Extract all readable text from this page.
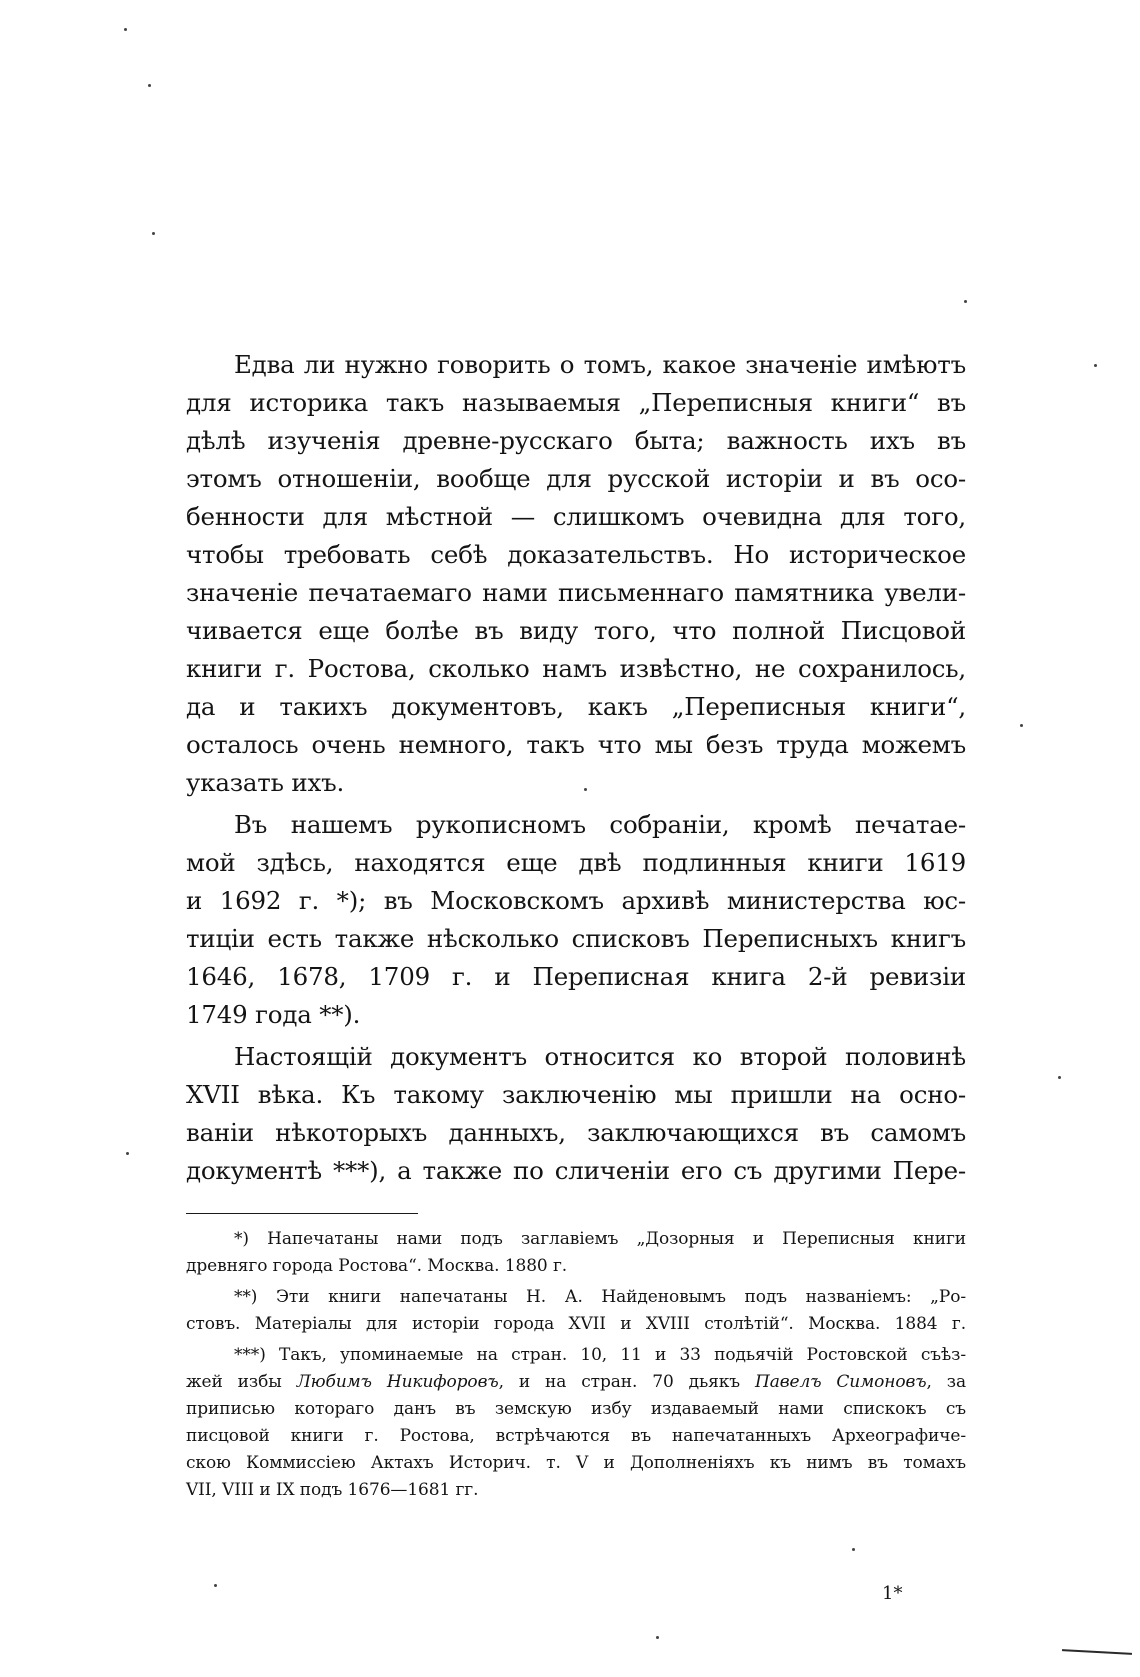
Едва ли нужно говорить о томъ, какое значеніе имѣютъ
для историка такъ называемыя „Переписныя книги“ въ
дѣлѣ изученія древне-русскаго быта; важность ихъ въ
этомъ отношеніи, вообще для русской исторіи и въ осо-
бенности для мѣстной — слишкомъ очевидна для того,
чтобы требовать себѣ доказательствъ. Но историческое
значеніе печатаемаго нами письменнаго памятника увели-
чивается еще болѣе въ виду того, что полной Писцовой
книги г. Ростова, сколько намъ извѣстно, не сохранилось,
да и такихъ документовъ, какъ „Переписныя книги“,
осталось очень немного, такъ что мы безъ труда можемъ
указать ихъ.
Въ нашемъ рукописномъ собраніи, кромѣ печатае-
мой здѣсь, находятся еще двѣ подлинныя книги 1619
и 1692 г. *); въ Московскомъ архивѣ министерства юс-
тиціи есть также нѣсколько списковъ Переписныхъ книгъ
1646, 1678, 1709 г. и Переписная книга 2-й ревизіи
1749 года **).
Настоящій документъ относится ко второй половинѣ
XVII вѣка. Къ такому заключенію мы пришли на осно-
ваніи нѣкоторыхъ данныхъ, заключающихся въ самомъ
документѣ ***), а также по сличеніи его съ другими Пере-
*) Напечатаны нами подъ заглавіемъ „Дозорныя и Переписныя книги
древняго города Ростова“. Москва. 1880 г.
**) Эти книги напечатаны Н. А. Найденовымъ подъ названіемъ: „Ро-
стовъ. Матеріалы для исторіи города XVII и XVIII столѣтій“. Москва. 1884 г.
***) Такъ, упоминаемые на стран. 10, 11 и 33 подьячій Ростовской съѣз-
жей избы Любимъ Никифоровъ, и на стран. 70 дьякъ Павелъ Симоновъ, за
приписью котораго данъ въ земскую избу издаваемый нами спискокъ съ
писцовой книги г. Ростова, встрѣчаются въ напечатанныхъ Археографиче-
скою Коммиссіею Актахъ Историч. т. V и Дополненіяхъ къ нимъ въ томахъ
VII, VIII и IX подъ 1676—1681 гг.
1*
